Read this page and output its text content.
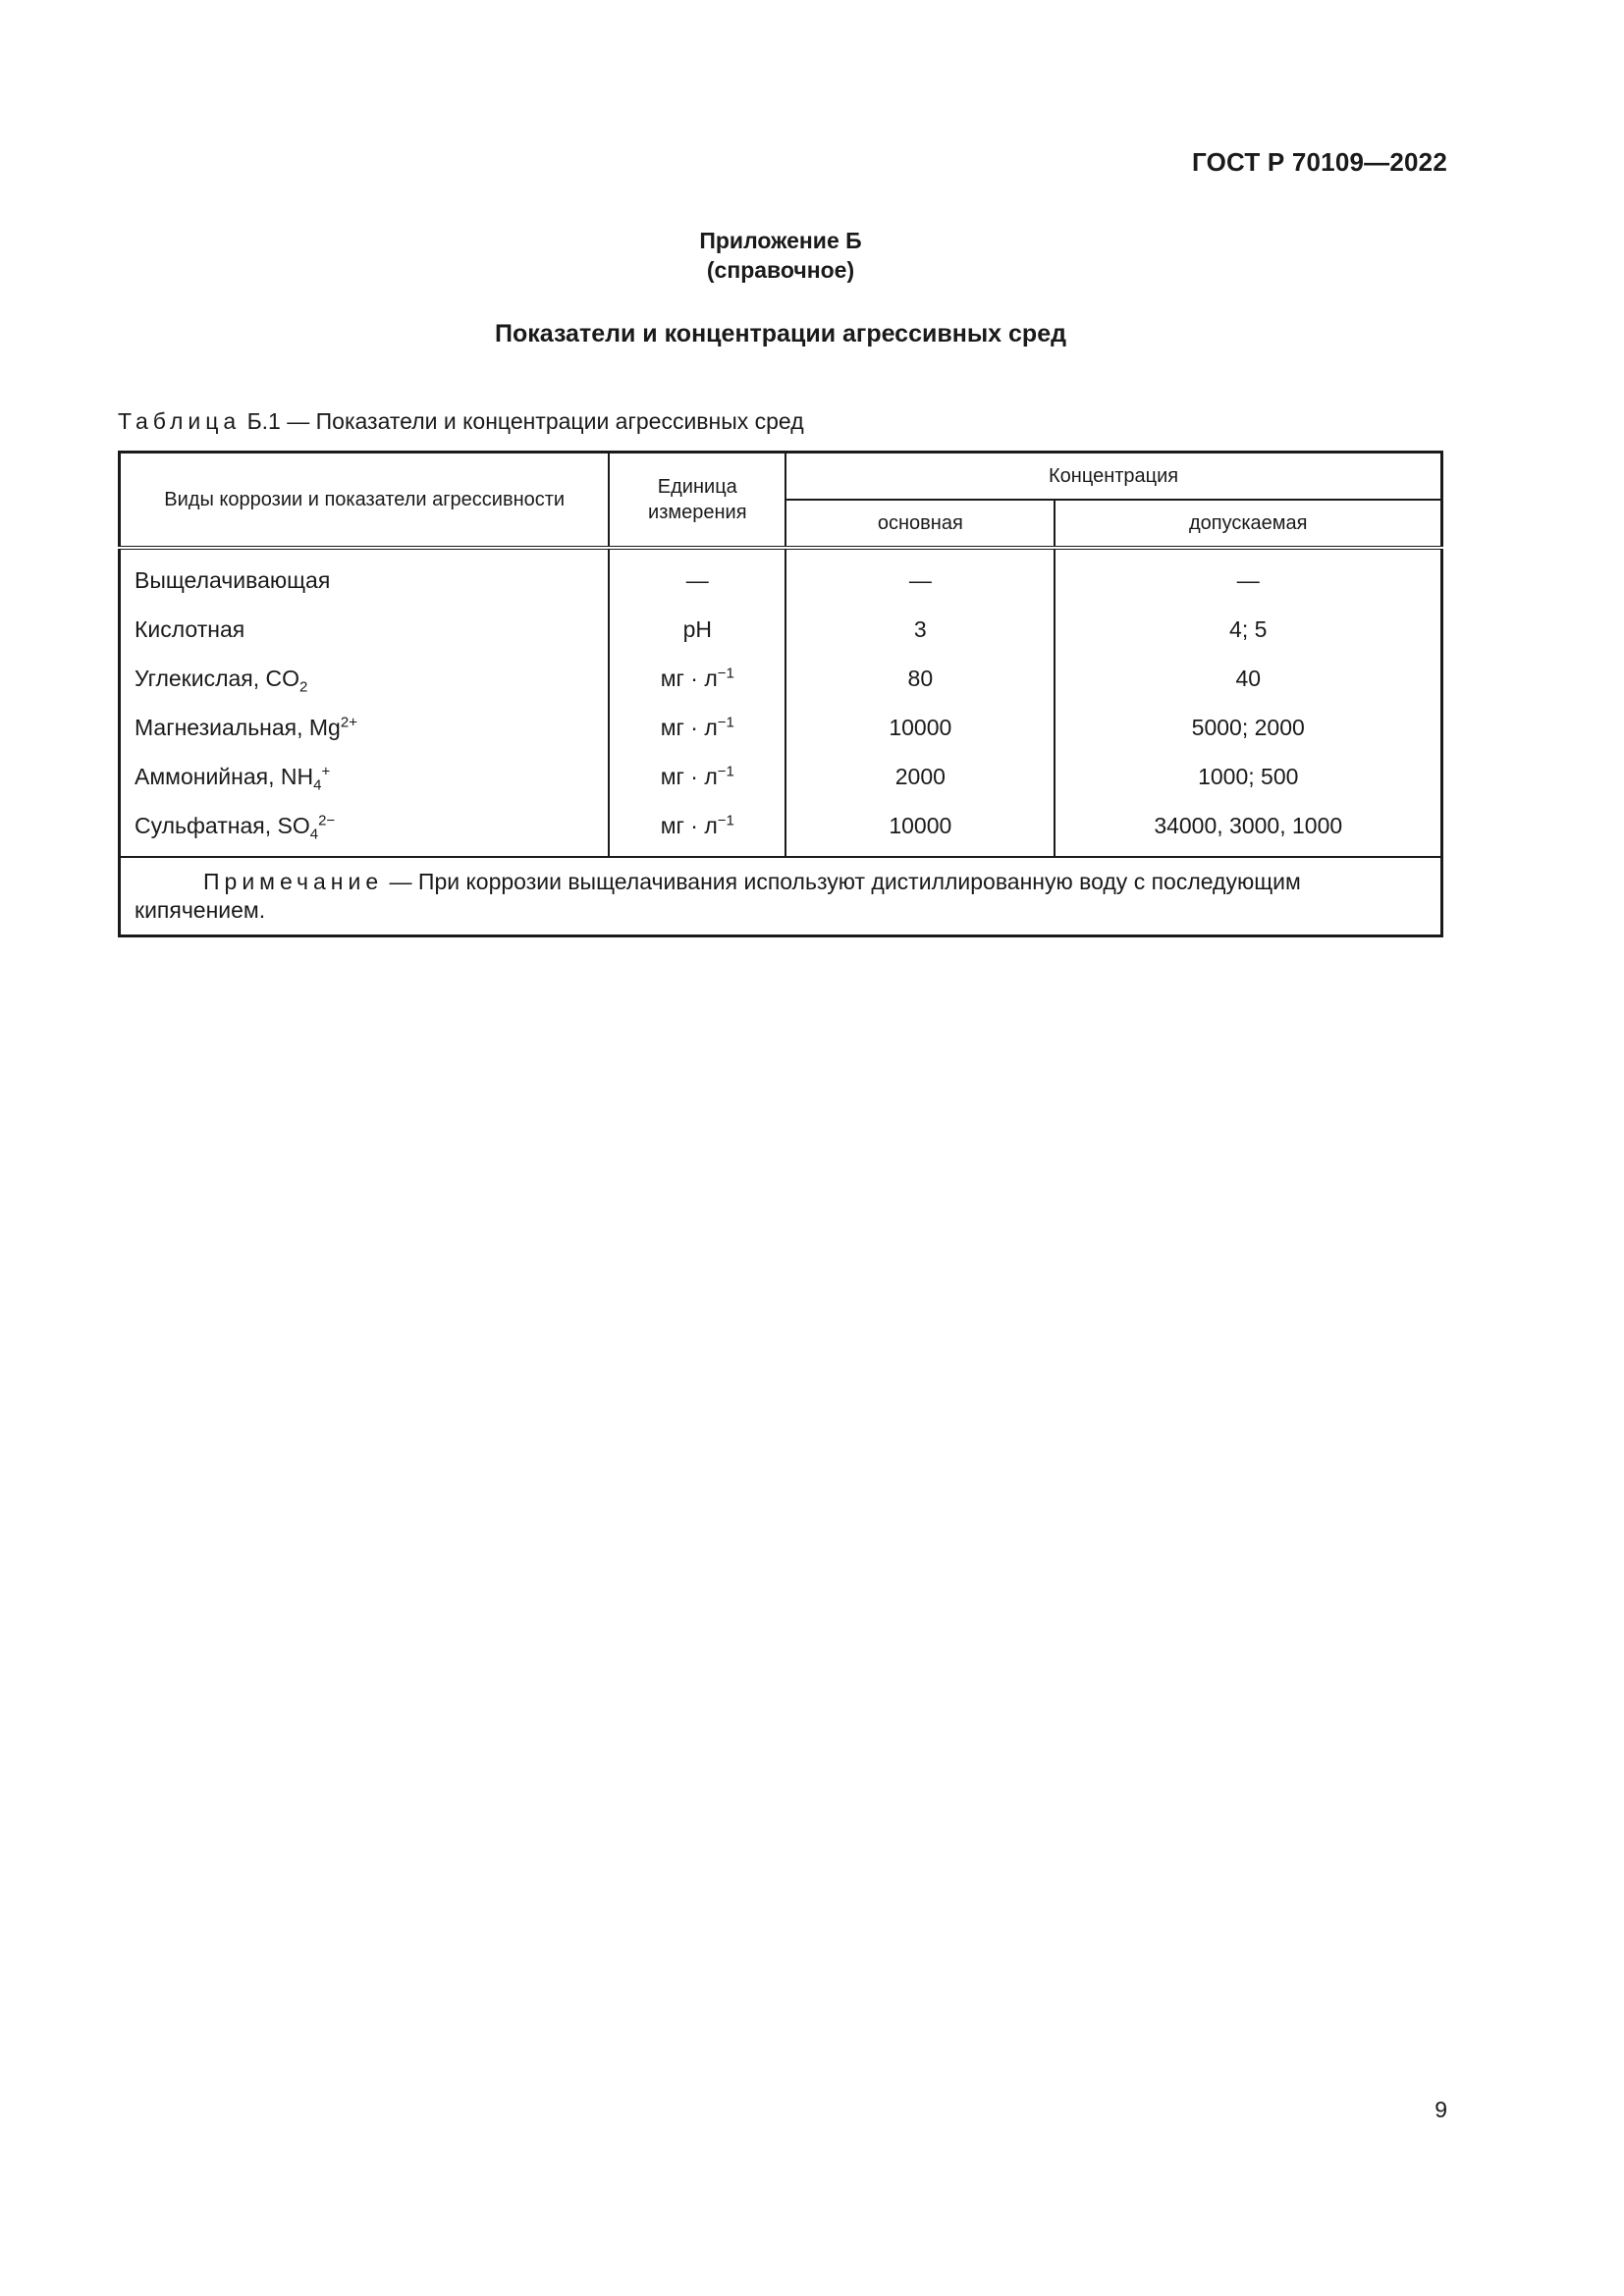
ГОСТ Р 70109—2022
Приложение Б
(справочное)
Показатели и концентрации агрессивных сред
Таблица Б.1 — Показатели и концентрации агрессивных сред
Виды коррозии и показатели агрессивности	Единица измерения	Концентрация	
		основная	допускаемая
Выщелачивающая	—	—	—
Кислотная	pH	3	4; 5
Углекислая, $CO_2$	мг · $л^{-1}$	80	40
Магнезиальная, $Mg^{2+}$	мг · $л^{-1}$	10000	5000; 2000
Аммонийная, $NH_4^+$	мг · $л^{-1}$	2000	1000; 500
Сульфатная, $SO_4^{2-}$	мг · $л^{-1}$	10000	34000, 3000, 1000
Примечание — При коррозии выщелачивания используют дистиллированную воду с последующим кипячением.			
9
